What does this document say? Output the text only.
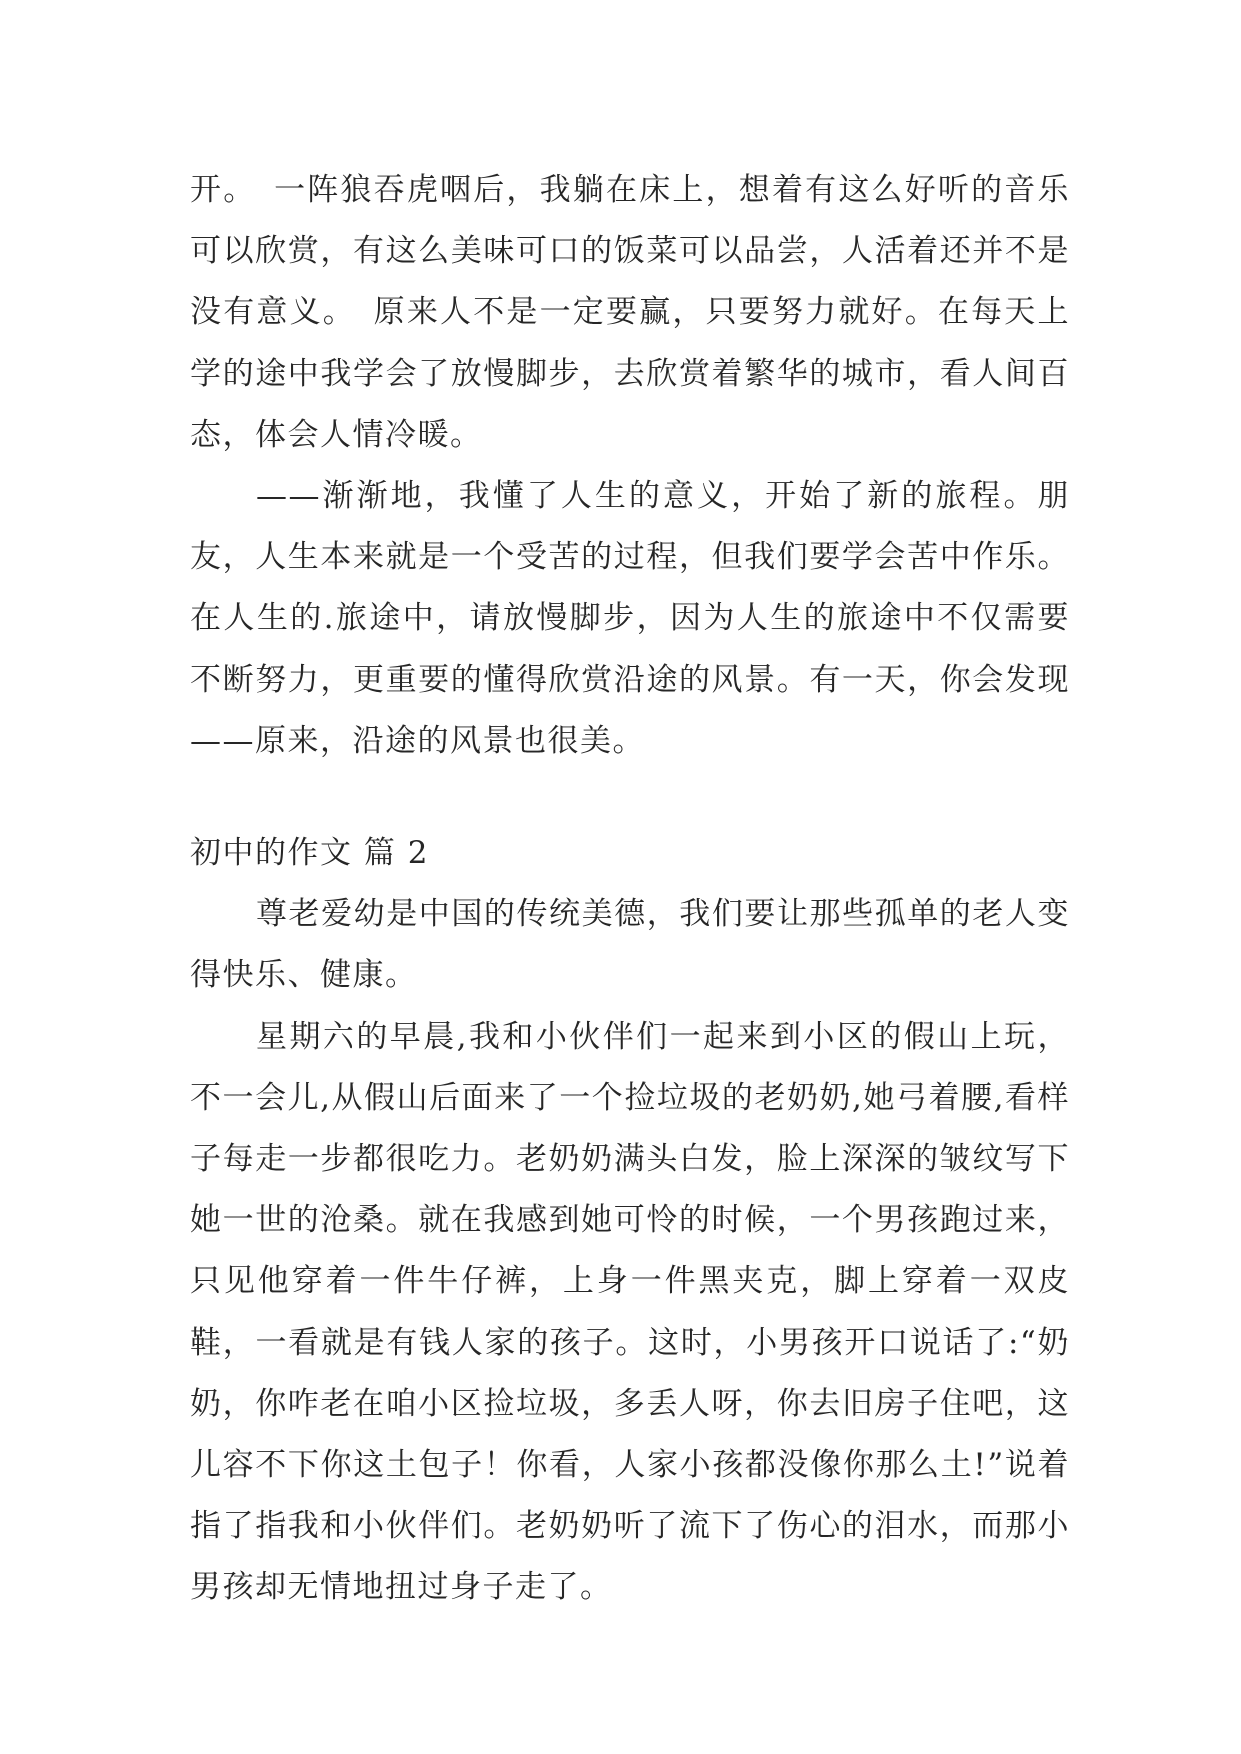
开。　一阵狼吞虎咽后，我躺在床上，想着有这么好听的音乐可以欣赏，有这么美味可口的饭菜可以品尝，人活着还并不是没有意义。　原来人不是一定要赢，只要努力就好。在每天上学的途中我学会了放慢脚步，去欣赏着繁华的城市，看人间百态，体会人情冷暖。

——渐渐地，我懂了人生的意义，开始了新的旅程。朋友，人生本来就是一个受苦的过程，但我们要学会苦中作乐。在人生的.旅途中，请放慢脚步，因为人生的旅途中不仅需要不断努力，更重要的懂得欣赏沿途的风景。有一天，你会发现——原来，沿途的风景也很美。

初中的作文 篇 2

尊老爱幼是中国的传统美德，我们要让那些孤单的老人变得快乐、健康。

星期六的早晨,我和小伙伴们一起来到小区的假山上玩，不一会儿,从假山后面来了一个捡垃圾的老奶奶,她弓着腰,看样子每走一步都很吃力。老奶奶满头白发，脸上深深的皱纹写下她一世的沧桑。就在我感到她可怜的时候，一个男孩跑过来，只见他穿着一件牛仔裤，上身一件黑夹克，脚上穿着一双皮鞋，一看就是有钱人家的孩子。这时，小男孩开口说话了:“奶奶，你咋老在咱小区捡垃圾，多丢人呀，你去旧房子住吧，这儿容不下你这土包子！你看，人家小孩都没像你那么土!”说着指了指我和小伙伴们。老奶奶听了流下了伤心的泪水，而那小男孩却无情地扭过身子走了。
